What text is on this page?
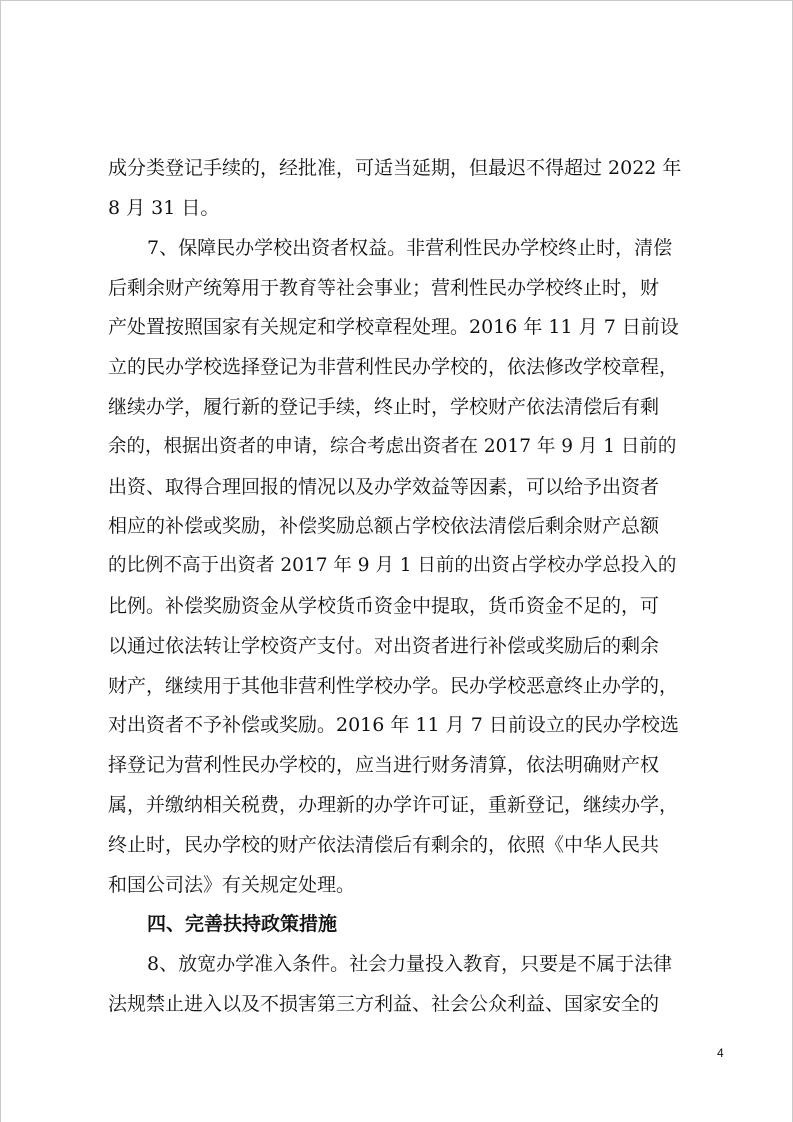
成分类登记手续的，经批准，可适当延期，但最迟不得超过 2022 年
8 月 31 日。
7、保障民办学校出资者权益。非营利性民办学校终止时，清偿
后剩余财产统筹用于教育等社会事业；营利性民办学校终止时，财
产处置按照国家有关规定和学校章程处理。2016 年 11 月 7 日前设
立的民办学校选择登记为非营利性民办学校的，依法修改学校章程，
继续办学，履行新的登记手续，终止时，学校财产依法清偿后有剩
余的，根据出资者的申请，综合考虑出资者在 2017 年 9 月 1 日前的
出资、取得合理回报的情况以及办学效益等因素，可以给予出资者
相应的补偿或奖励，补偿奖励总额占学校依法清偿后剩余财产总额
的比例不高于出资者 2017 年 9 月 1 日前的出资占学校办学总投入的
比例。补偿奖励资金从学校货币资金中提取，货币资金不足的，可
以通过依法转让学校资产支付。对出资者进行补偿或奖励后的剩余
财产，继续用于其他非营利性学校办学。民办学校恶意终止办学的，
对出资者不予补偿或奖励。2016 年 11 月 7 日前设立的民办学校选
择登记为营利性民办学校的，应当进行财务清算，依法明确财产权
属，并缴纳相关税费，办理新的办学许可证，重新登记，继续办学，
终止时，民办学校的财产依法清偿后有剩余的，依照《中华人民共
和国公司法》有关规定处理。
四、完善扶持政策措施
8、放宽办学准入条件。社会力量投入教育，只要是不属于法律
法规禁止进入以及不损害第三方利益、社会公众利益、国家安全的
4
